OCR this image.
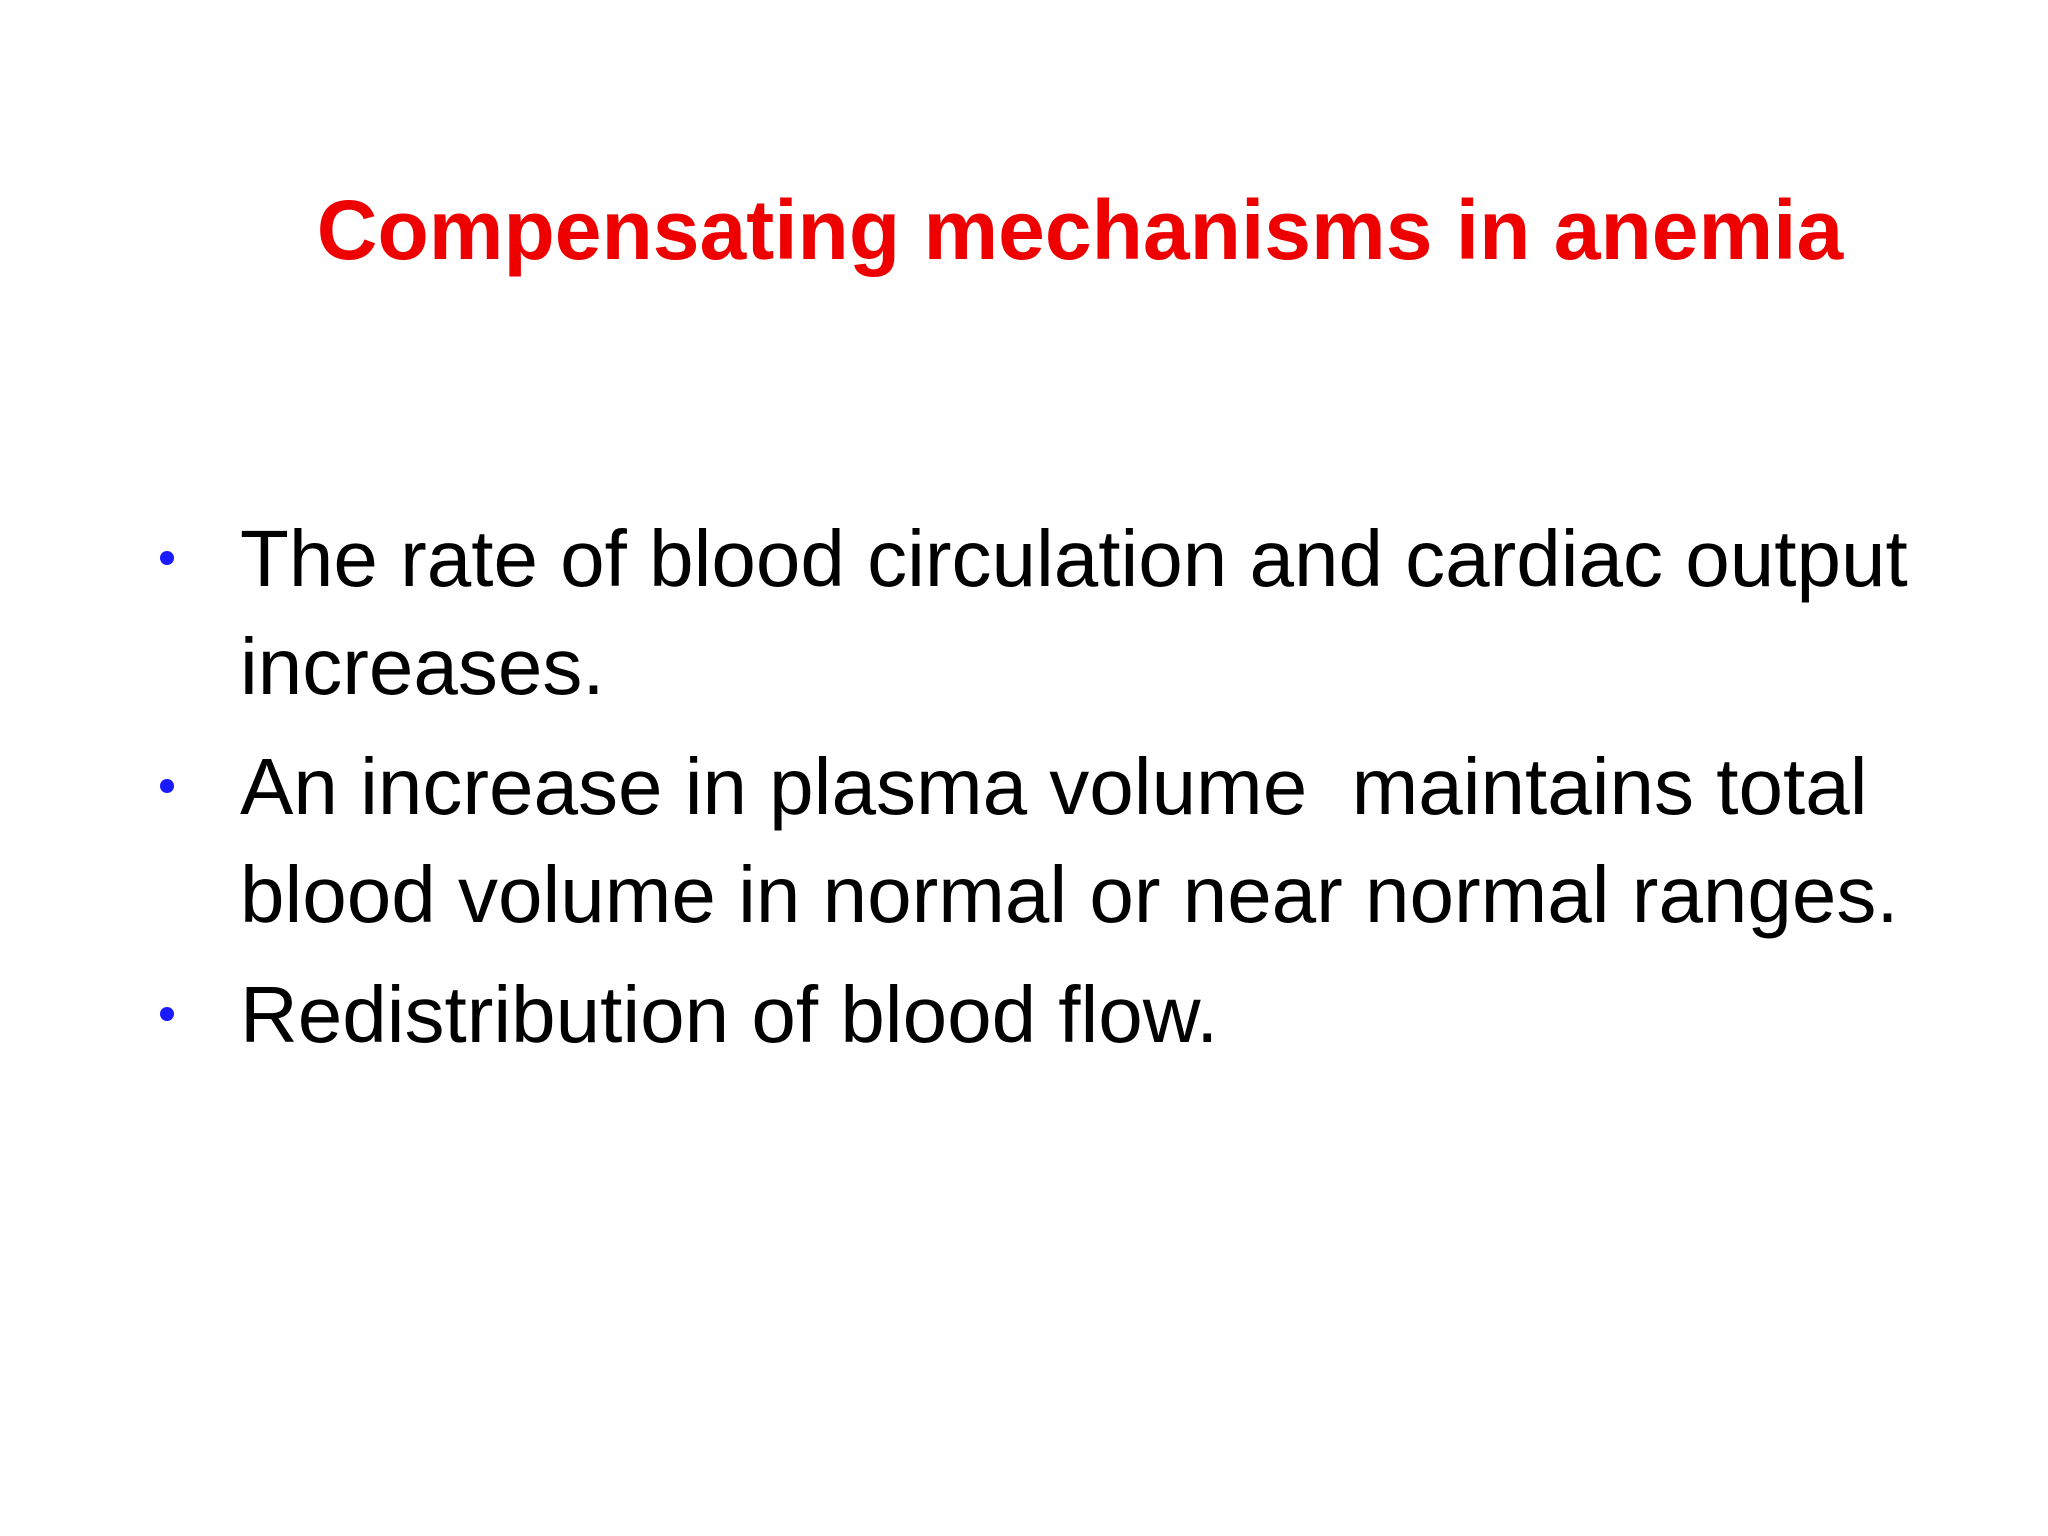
Compensating mechanisms in anemia
The rate of blood circulation and cardiac output increases.
An increase in plasma volume  maintains total blood volume in normal or near normal ranges.
Redistribution of blood flow.
